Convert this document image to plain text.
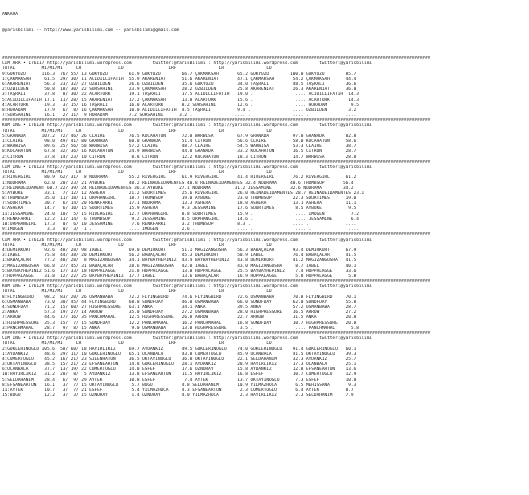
ANKARA

@yarisbilimi -- http://www.yarisbilimi.com -- yarisbilimi@gmail.com

##################################################################################################################################################################
CIM ARA • 176117 http://yarisbilimi.wordpress.com        twitter:@YarisBilimi : http://yarisbilimi.wordpress.com        twitter:@yarisbilimi
TOTAL          MI/MI/MI     LR              LD                 LRF                LR                LD
9:GÖKYÜZÜ      116.3  76/ 55/ 13 GÖKYÜZÜ        61.9 GÖKYÜZÜ        66.7 ÇAKMAKSAH       65.2 GÖKYÜZÜ        100.0 GÖKYÜZÜ        85.7
1:ÇAKMAKSAH     61.5  29/ 30/ 11 ACIDILLIFATIH  55.9 AKARENİAT      51.6 AKARENİAT       47.1 ÇAKMAKSAH       54.2 ÇAKMAKSAH      44.4
6:AKARENİAT     56.3  23/ 32/ 27 ÖZBİLDEN       26.6 ÖZBİLDEN       35.6 GÖKYÜZÜ         34.0 TAŞRALI         48.5 TAŞRALI        36.6
2:ÖZBİLDEN      50.8  18/ 30/ 22 SURSAHİNİ      23.9 ÇAKMAKSAH      28.2 ÖZBİLDEN        25.8 AKARENİAT       26.3 AKARENİAT      36.0
3:TAŞRALI       37.8   8/ 30/ 22 ACARTÜRK       19.1 TAŞRALI        17.5 ACIDILLIFATIH   19.0 .                .... ACIDILLIFATIH  14.3
5:ACIDILLIFATIH 17.1  11/ 20/ 15 AKARENİAT      17.2 ÇAKMAKSAH      13.8 ACARTÜRK        15.6 .                .... ACARTÜRK       14.3
4:ACARTÜRK      19.3   3/ 15/ 16 TAŞRALI        16.0 ACARTÜRK       8.2 SURSAHİNİ        12.6 .                .... HORADAM         9.5
8:HORADAM       17.9   6/  8/ 16 ÇAKMAKSAH      10.0 ACIDILLIFATIH  4.5 TAŞRALI          9.4 .                .... ÖZBİLDEN        3.2
7:SURSAHİNİ     16.1   2/ 11/  9 HORADAM        7.2 SURSAHİNİ      3.2 .                .... .                .... .              ....
##################################################################################################################################################################
KUM ING • 176120 http://yarisbilimi.wordpress.com        twitter:@YarisBilimi : http://yarisbilimi.wordpress.com        twitter:@yarisbilimi
TOTAL          MI/MI/MI     LR              LD                 LRF                LR                LD
5:GRANADA      107.2  72/ 46/ 26 CLAIRE         76.5 KOCAHATUN      72.0 WARWISA         67.9 GRANADA         97.0 GRANADA        82.8
1:CLAIRE        98.0  49/ 41/ 80 GRANADA        60.0 GRANADA        51.4 CITRON          56.6 CLAIRE          58.0 KOCAHATUN      58.6
3:WARWISA       89.6  25/ 56/ 58 WARWISA        57.2 CLAIRE         48.7 CLAIRE          54.5 WARWISA         53.3 CLAIRE         38.7
8:KOCAHATUN     67.8  32/ 36/ 16 KOCAHATUN      24.9 WARWISA        44.8 GRANADA         33.2 KOCAHATUN       16.5 CITRON         28.7
2:CITRON        37.8  14/ 23/ 10 CITRON          8.8 CITRON         12.2 KOCAHATUN       18.3 CITRON          14.7 WARWISA        28.8
##################################################################################################################################################################
CIM ING • 176123 http://yarisbilimi.wordpress.com        twitter:@YarisBilimi : http://yarisbilimi.wordpress.com        twitter:@yarisbilimi
TOTAL          MI/MI/MI     LR              LD                 LRF                LR                LD
3:RIVERGIRL     80.9  62/ 31/  8 NODRAMA        55.2 RIVERGIRL      61.9 RIVERGIRL       41.4 RIVERGIRL       76.2 RIVERGIRL      61.2
1:NODRAMA       62.0  20/ 23/ 21 AYBÜKE         40.2 REINADEIDAMENTES 40.8 REINADEIDAMENTES 32.4 NODRAMA     40.6 THUMBSUP       56.4
2:REINADEIDAMENT 60.7 22/ 39/ 24 REINADEIDAMENTES 36.3 AYBÜKE      27.1 NODRAMA         31.2 JESSAMINE       32.6 NODRAMA        34.2
5:AYBÜKE        33.1   7/ 12/ 12 ASHERA         21.2 SOURTIMES      25.6 RIVERGIRL       26.0 REINADEIDAMENTES 28.7 REINADEIDAMENTES 23.1
8:THUMBSUP      35.0  11/ 18/ 11 ORPHANGIRL     18.7 THUMBSUP       19.0 AYBÜKE          23.0 THUMBSUP        22.3 SOURTIMES      19.0
7:SOURTIMES     30.7   6/ 14/ 20 RENKFARKI      17.1 NODRAMA        13.3 ASHERA          18.8 ASHERA          13.1 ASHERA         11.1
6:ASHERA        14.7   6/ 10/ 15 SOURTIMES      15.9 ASHERA         9.3 JESSAMINE        17.6 SOURTIMES        8.5 AYBÜKE          9.5
11:JESSAMINE    24.0  10/  5/ 15 RIVERGIRL      12.7 ORPHANGIRL     8.8 SOURTIMES        15.9 .                .... İMOGEN          7.2
4:RENKFARKI     12.2  11/ 14/  6 THUMBSUP        9.2 JESSAMINE      8.5 ORPHANGIRL       14.6 .                .... JESSAMINE       6.4
10:ORPHANGIRL   17.3   0/  6/ 10 JESSAMINE       7.6 RENKFARKI      3.2 THUMBSUP         8.3 .                .... .              ....
9:İMOGEN         3.3   0/  3/  1 .              .... İMOGEN         2.6 .                .... .                .... .              ....
##################################################################################################################################################################
CIM ARA • 176126 http://yarisbilimi.wordpress.com        twitter:@YarisBilimi : http://yarisbilimi.wordpress.com        twitter:@yarisbilimi
TOTAL          MI/MI/MI     LR              LD                 LRF                LR                LD
4:DEMİRKURT     92.6  48/ 28/ 98 İABEL          69.0 DEMİRKURT      51.1 MAGİZANGOSHA    56.3 BABAÇALAR       93.4 DEMİRKURT      67.9
3:İABEL         75.8  44/ 38/ 20 DEMİRKURT      56.2 BABAÇALAR      45.3 DEMİRKURT       50.9 İABEL           76.4 BABAÇALAR      41.5
1:BABAÇALAR     77.2  48/ 28/  8 MAGİZANGOSHA   34.1 BAYBAYHEPİNİZ  43.4 BAYBAYHEPİNİZ   43.8 DEMİRKURT       41.2 MAGİZANGOSHA   41.5
2:MAGİZANGOSHA  66.8  27/ 45/ 31 BABAÇALAR      28.6 MAGİZANGOSHA   42.0 İABEL           43.0 MAGİZANGOSHA     8.7 İABEL          40.1
5:BAYBAYHEPİNİZ 51.6  17/ 33/ 18 HOPPALAGGE     21.8 HOPPALAGGE     13.0 HOPPALAGGE      25.5 BAYBAYHEPİNİZ    7.4 HOPPALAGGE     33.6
7:HOPPALAGGE    31.8  12/ 22/ 25 BAYBAYHEPİNİZ  17.7 İABEL          13.6 BABAÇALAR       16.9 HOPPALAGGE       5.8 HOPPALAGGE      5.8
##################################################################################################################################################################
KUM ING • 176129 http://yarisbilimi.wordpress.com        twitter:@YarisBilimi : http://yarisbilimi.wordpress.com        twitter:@yarisbilimi
TOTAL          MI/MI/MI     LR              LD                 LRF                LR                LD
8:FLYINGBIRD    98.2  83/ 20/ 26 OSMANBABA      72.2 FLYINGBIRD     74.6 FLYINGBIRD      72.6 OSMANBABA       70.8 FLYINGBIRD     70.1
6:OSMANBABA     73.0  30/ 45/ 44 FLYINGBIRD     68.0 SUNDFDAY       46.0 OSMANBABA       66.0 SUNDFDAY        62.0 SUNDFDAY       55.8
4:SUNDFDAY      71.2  15/ 60/ 27 HIGHPRESSURE   63.1 ANKA           34.1 ANKA            39.5 ANKA            57.2 OSMANBABA      28.7
2:ANKA          57.3  19/ 27/ 14 ARROW          35.0 SUNDFDAY       27.2 OSMANBABA       28.0 HIGHPRESSURE    16.5 ARROW          27.2
7:ARROW         44.6  17/ 16/ 35 PANCHMAHAL     12.5 HIGHPRESSURE   26.8 ARROW           22.7 ARROW           11.5 ANKA           20.8
1:HIGHPRESSURE  35.3  15/  7/ 15 SUNDFDAY       12.2 PANCHMAHAL     16.2 PANCHMAHAL      16.8 SUNDFDAY        10.7 HIGHPRESSURE   20.8
3:PANCHMAHAL    28.7   9/  8/ 15 ANKA            9.0 OSMANBABA      13.0 HIGHPRESSURE     3.5 .                .... PANCHMAHAL      5.8
##################################################################################################################################################################
CIM ING • 176132 http://yarisbilimi.wordpress.com        twitter:@YarisBilimi : http://yarisbilimi.wordpress.com        twitter:@yarisbilimi
TOTAL          MI/MI/MI     LR              LD                 LRF                LR                LD
2:GÖKLERİNOĞLU 105.6  58/ 60/ 18 HAYIRLIKIZ     69.7 AYDANKIZ       49.5 GÖKLERİNOĞLU    74.0 GÖKLERİNOĞLU    91.4 GÖKLERİNOĞLU   60.1
1:AYDANKIZ      48.6  29/ 11/ 10 GÖKLERİNOĞLU   65.1 UCANBALA       43.8 CÖMERTOĞLU      45.9 UCANBALA        41.5 OKTAYINOĞLU    39.3
4:CÖMERTOĞLU    45.2  16/ 21/ 23 SILENHATUN     36.5 OKTAYINOĞLU    36.8 OKTAYINOĞLU     22.1 SELDAHANIM      32.3 AYDANKIZ       25.7
3:OKTAYINOĞLU   38.5  15/ 21/ 23 EFSANEARTUN    14.8 GÖKLERİNOĞLU   28.1 AYDANKIZ        20.9 HAYIRLIKIZ      17.3 UCANBALA       25.1
6:UCANBALA      37.7  13/ 19/ 22 CÖMERTOĞLU     14.0 ESFEF          17.6 ÖZNURAY         15.8 AYDANKIZ        12.8 EFSANEARTUN    13.6
10:HAYIRLIKIZ   31.2  20/  8/  5 AYDANKIZ       13.8 EFSANEARTUN    11.5 HAYIRLIKIZ      16.8 ESFEF           10.7 CÖMERTOĞLU     12.9
5:SELDAHANIM    28.4   6/  9/ 29 AYTEK          10.8 ESFEF           7.4 AYTEK           13.7 OKTAYINOĞLU      7.3 ESFEF          10.8
8:EFSANEARTUN   16.1   3/  7/ 15 OKTAYINOĞLU     5.7 BUĞU           4.8 SELDAHANIM       10.9 YILMAZHOCA       6.5 MEHİSSANA       9.3
11:AYTEK        10.7   3/  7/ 21 ESFEF           5.4 YILMAZHOCA     4.3 EFSANEARTUN       2.3 CÖMERTOĞLU       6.4 AYTEK          8.7
15:BUĞU         12.2   3/  3/ 15 ÖZNURAY         1.4 ÖZNURAY        4.0 YILMAZHOCA        2.3 HAYIRLIKIZ       2.3 SELDAHANIM     7.9
